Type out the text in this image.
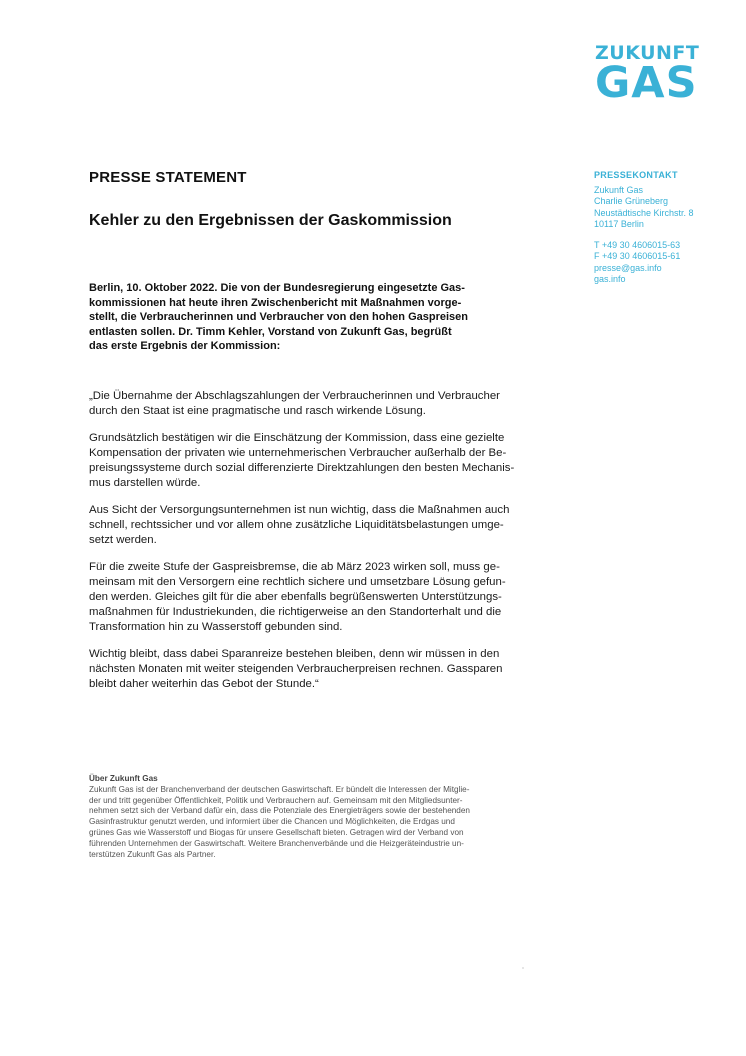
ZUKUNFT
GAS
PRESSEKONTAKT
Zukunft Gas
Charlie Grüneberg
Neustädtische Kirchstr. 8
10117 Berlin
T +49 30 4606015-63
F +49 30 4606015-61
presse@gas.info
gas.info
PRESSE STATEMENT
Kehler zu den Ergebnissen der Gaskommission
Berlin, 10. Oktober 2022. Die von der Bundesregierung eingesetzte Gas-
kommissionen hat heute ihren Zwischenbericht mit Maßnahmen vorge-
stellt, die Verbraucherinnen und Verbraucher von den hohen Gaspreisen
entlasten sollen. Dr. Timm Kehler, Vorstand von Zukunft Gas, begrüßt
das erste Ergebnis der Kommission:

„Die Übernahme der Abschlagszahlungen der Verbraucherinnen und Verbraucher
durch den Staat ist eine pragmatische und rasch wirkende Lösung.

Grundsätzlich bestätigen wir die Einschätzung der Kommission, dass eine gezielte
Kompensation der privaten wie unternehmerischen Verbraucher außerhalb der Be-
preisungssysteme durch sozial differenzierte Direktzahlungen den besten Mechanis-
mus darstellen würde.

Aus Sicht der Versorgungsunternehmen ist nun wichtig, dass die Maßnahmen auch
schnell, rechtssicher und vor allem ohne zusätzliche Liquiditätsbelastungen umge-
setzt werden.

Für die zweite Stufe der Gaspreisbremse, die ab März 2023 wirken soll, muss ge-
meinsam mit den Versorgern eine rechtlich sichere und umsetzbare Lösung gefun-
den werden. Gleiches gilt für die aber ebenfalls begrüßenswerten Unterstützungs-
maßnahmen für Industriekunden, die richtigerweise an den Standorterhalt und die
Transformation hin zu Wasserstoff gebunden sind.

Wichtig bleibt, dass dabei Sparanreize bestehen bleiben, denn wir müssen in den
nächsten Monaten mit weiter steigenden Verbraucherpreisen rechnen. Gassparen
bleibt daher weiterhin das Gebot der Stunde.“

Über Zukunft Gas
Zukunft Gas ist der Branchenverband der deutschen Gaswirtschaft. Er bündelt die Interessen der Mitglie-
der und tritt gegenüber Öffentlichkeit, Politik und Verbrauchern auf. Gemeinsam mit den Mitgliedsunter-
nehmen setzt sich der Verband dafür ein, dass die Potenziale des Energieträgers sowie der bestehenden
Gasinfrastruktur genutzt werden, und informiert über die Chancen und Möglichkeiten, die Erdgas und
grünes Gas wie Wasserstoff und Biogas für unsere Gesellschaft bieten. Getragen wird der Verband von
führenden Unternehmen der Gaswirtschaft. Weitere Branchenverbände und die Heizgeräteindustrie un-
terstützen Zukunft Gas als Partner.
